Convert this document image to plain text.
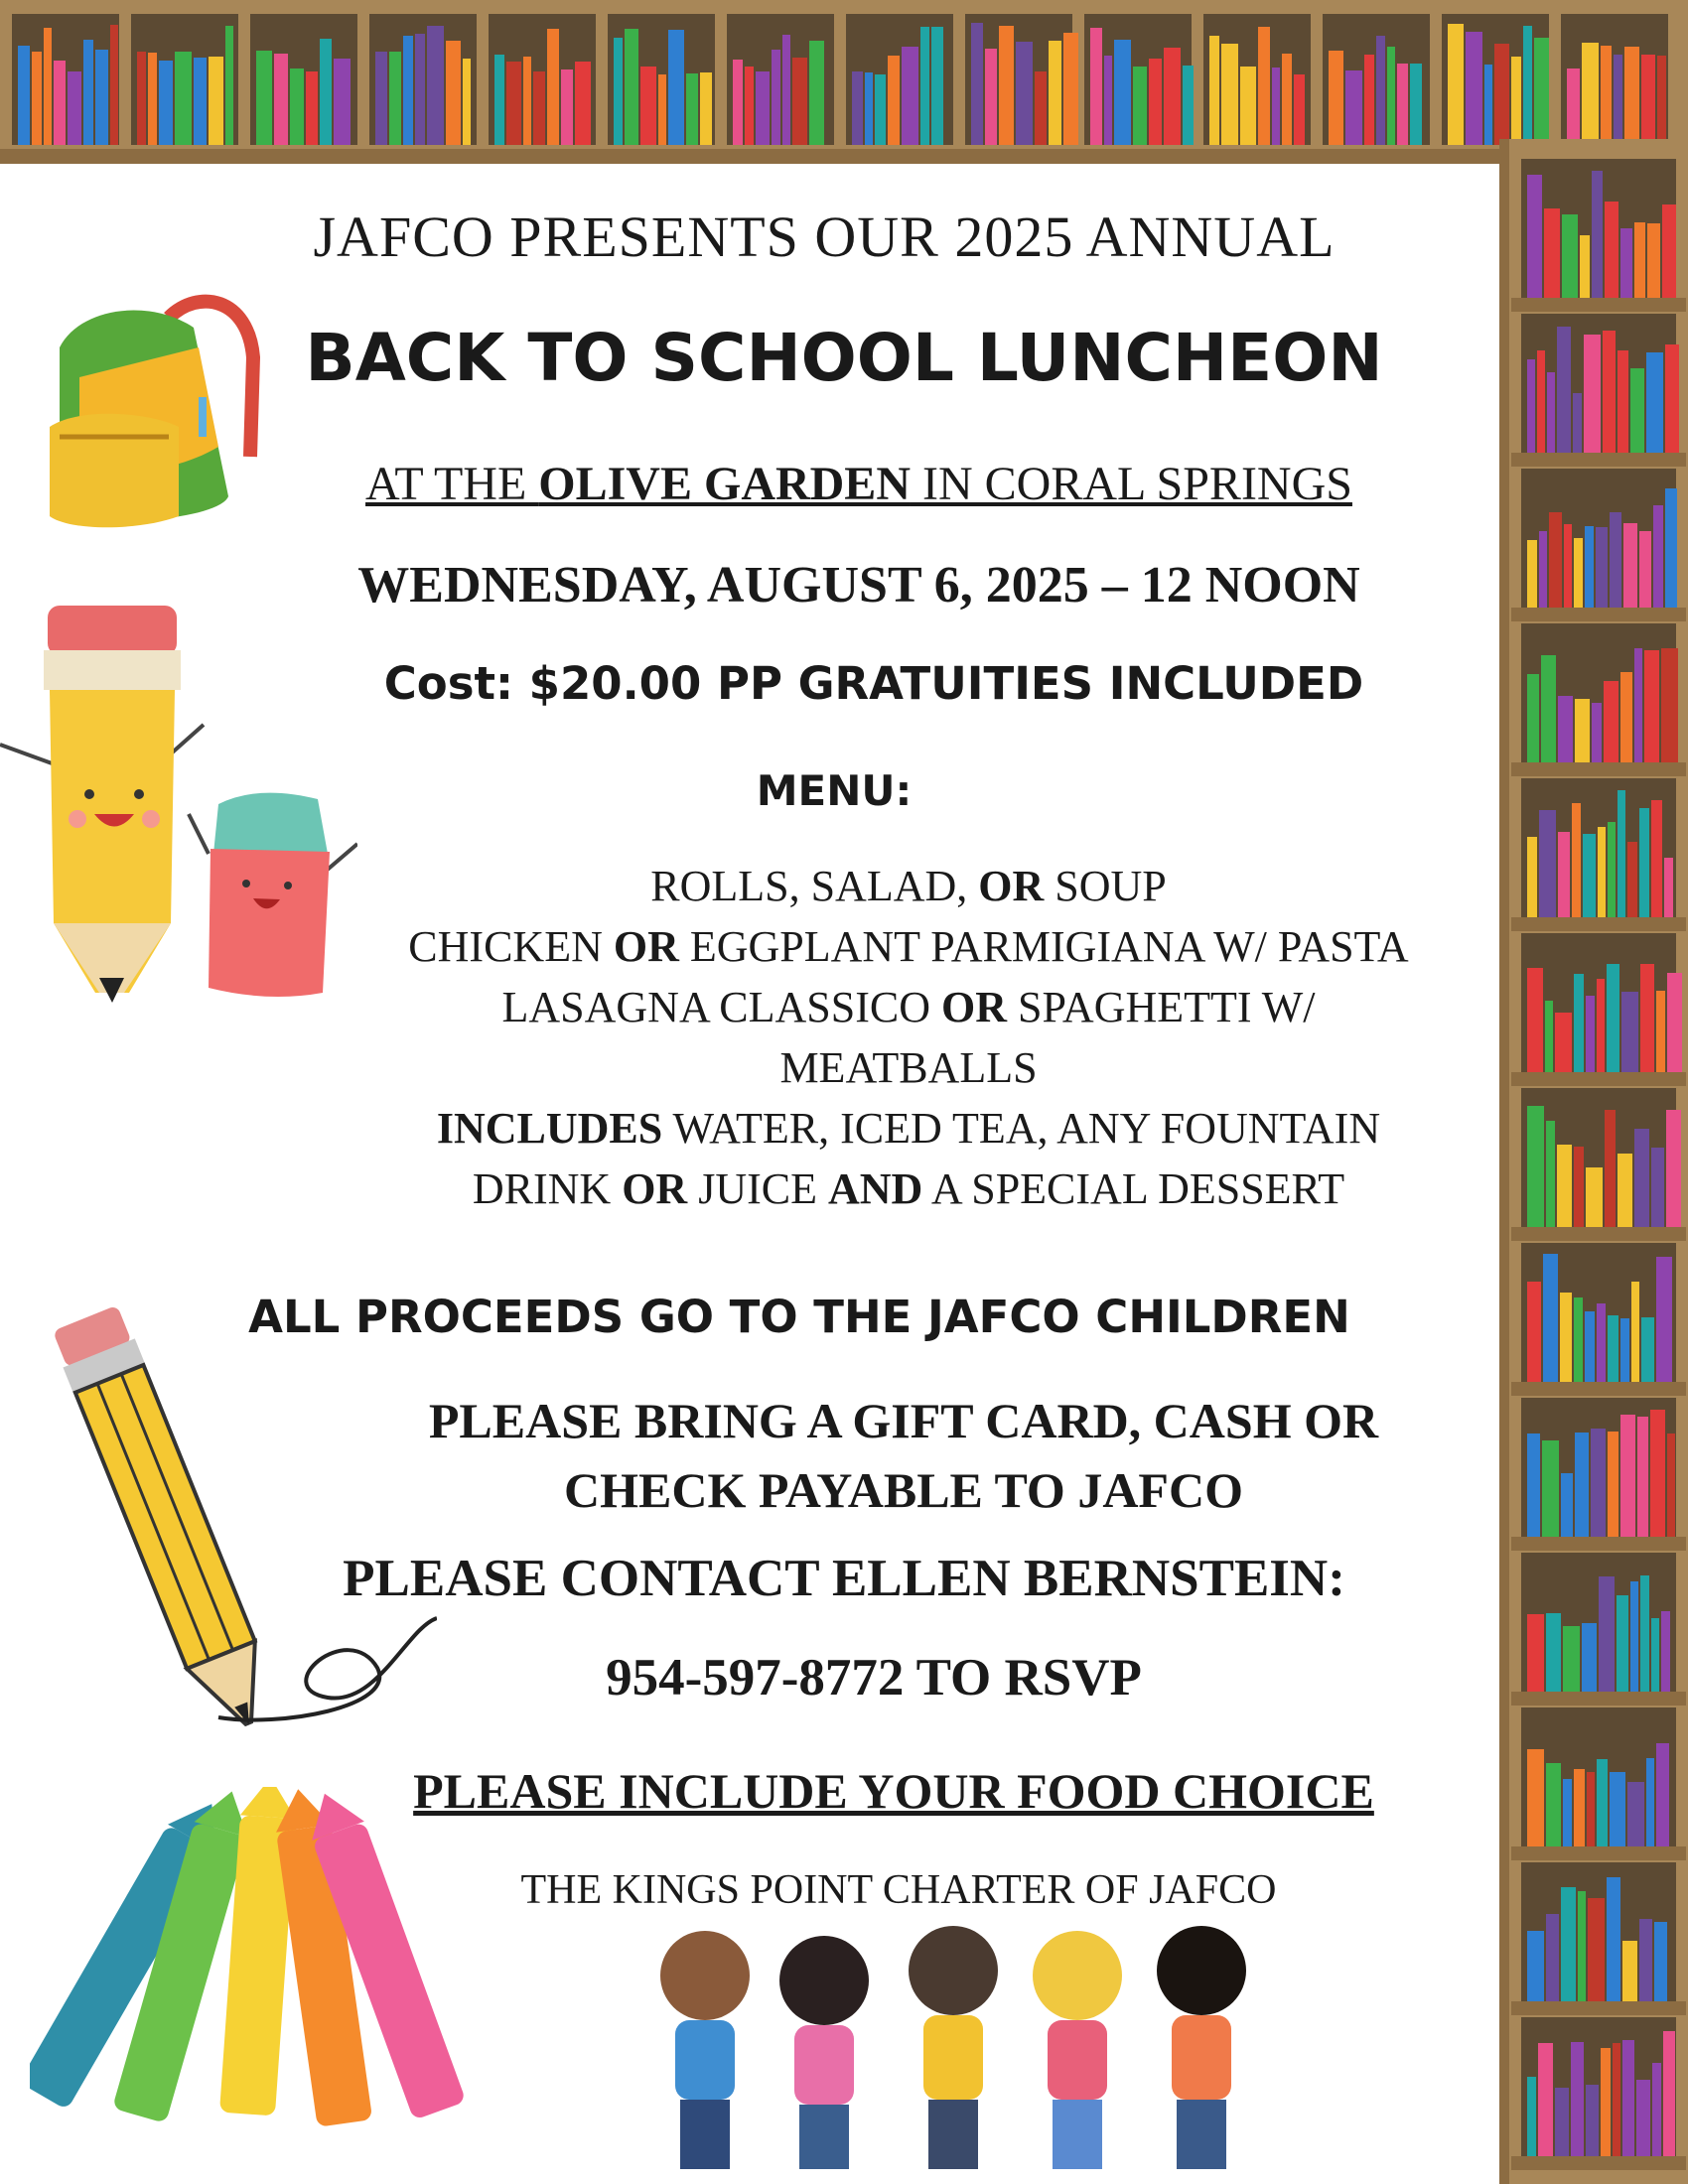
JAFCO PRESENTS OUR 2025 ANNUAL
BACK TO SCHOOL LUNCHEON
AT THE OLIVE GARDEN IN CORAL SPRINGS
WEDNESDAY, AUGUST 6, 2025 – 12 NOON
Cost: $20.00 PP GRATUITIES INCLUDED
MENU:
ROLLS, SALAD, OR SOUP
CHICKEN OR EGGPLANT PARMIGIANA W/ PASTA
LASAGNA CLASSICO OR SPAGHETTI W/
MEATBALLS
INCLUDES WATER, ICED TEA, ANY FOUNTAIN
DRINK OR JUICE AND A SPECIAL DESSERT
ALL PROCEEDS GO TO THE JAFCO CHILDREN
PLEASE BRING A GIFT CARD, CASH OR
CHECK PAYABLE TO JAFCO
PLEASE CONTACT ELLEN BERNSTEIN:
954-597-8772 TO RSVP
PLEASE INCLUDE YOUR FOOD CHOICE
THE KINGS POINT CHARTER OF JAFCO
